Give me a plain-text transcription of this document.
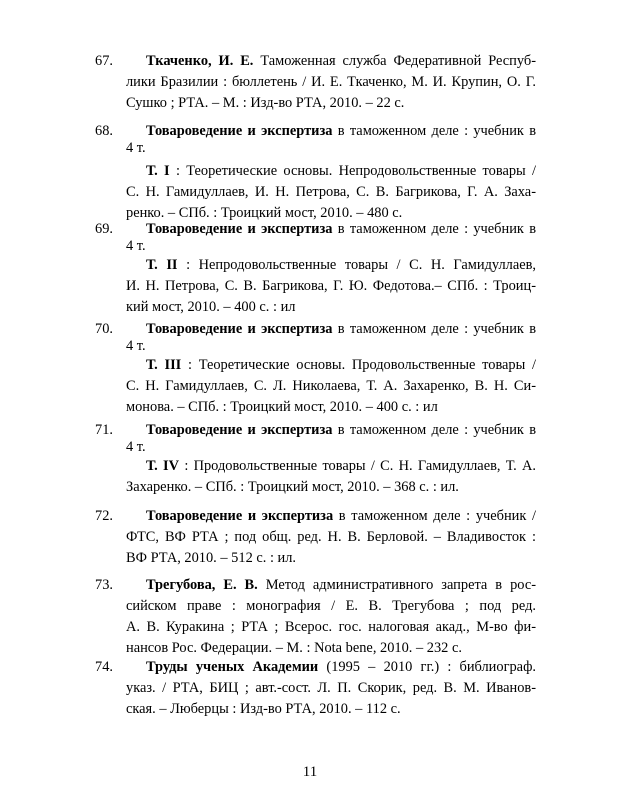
67.	Ткаченко, И. Е. Таможенная служба Федеративной Респуб-
лики Бразилии : бюллетень / И. Е. Ткаченко, М. И. Крупин, О. Г.
Сушко ; РТА. – М. : Изд-во РТА, 2010. – 22 с.
68.	Товароведение и экспертиза в таможенном деле : учебник в
4 т.
Т. I : Теоретические основы. Непродовольственные товары /
С. Н. Гамидуллаев, И. Н. Петрова, С. В. Багрикова, Г. А. Заха-
ренко. – СПб. : Троицкий мост, 2010. – 480 с.
69.	Товароведение и экспертиза в таможенном деле : учебник в
4 т.
Т. II : Непродовольственные товары / С. Н. Гамидуллаев,
И. Н. Петрова, С. В. Багрикова, Г. Ю. Федотова.– СПб. : Троиц-
кий мост, 2010. – 400 с. : ил
70.	Товароведение и экспертиза в таможенном деле : учебник в
4 т.
Т. III : Теоретические основы. Продовольственные товары /
С. Н. Гамидуллаев, С. Л. Николаева, Т. А. Захаренко, В. Н. Си-
монова. – СПб. : Троицкий мост, 2010. – 400 с. : ил
71.	Товароведение и экспертиза в таможенном деле : учебник в
4 т.
Т. IV : Продовольственные товары / С. Н. Гамидуллаев, Т. А.
Захаренко. – СПб. : Троицкий мост, 2010. – 368 с. : ил.
72.	Товароведение и экспертиза в таможенном деле : учебник /
ФТС, ВФ РТА ; под общ. ред. Н. В. Берловой. – Владивосток :
ВФ РТА, 2010. – 512 с. : ил.
73.	Трегубова, Е. В. Метод административного запрета в рос-
сийском праве : монография / Е. В. Трегубова ; под ред.
А. В. Куракина ; РТА ; Всерос. гос. налоговая акад., М-во фи-
нансов Рос. Федерации. – М. : Nota bene, 2010. – 232 с.
74.	Труды ученых Академии (1995 – 2010 гг.) : библиограф.
указ. / РТА, БИЦ ; авт.-сост. Л. П. Скорик, ред. В. М. Иванов-
ская. – Люберцы : Изд-во РТА, 2010. – 112 с.
11
